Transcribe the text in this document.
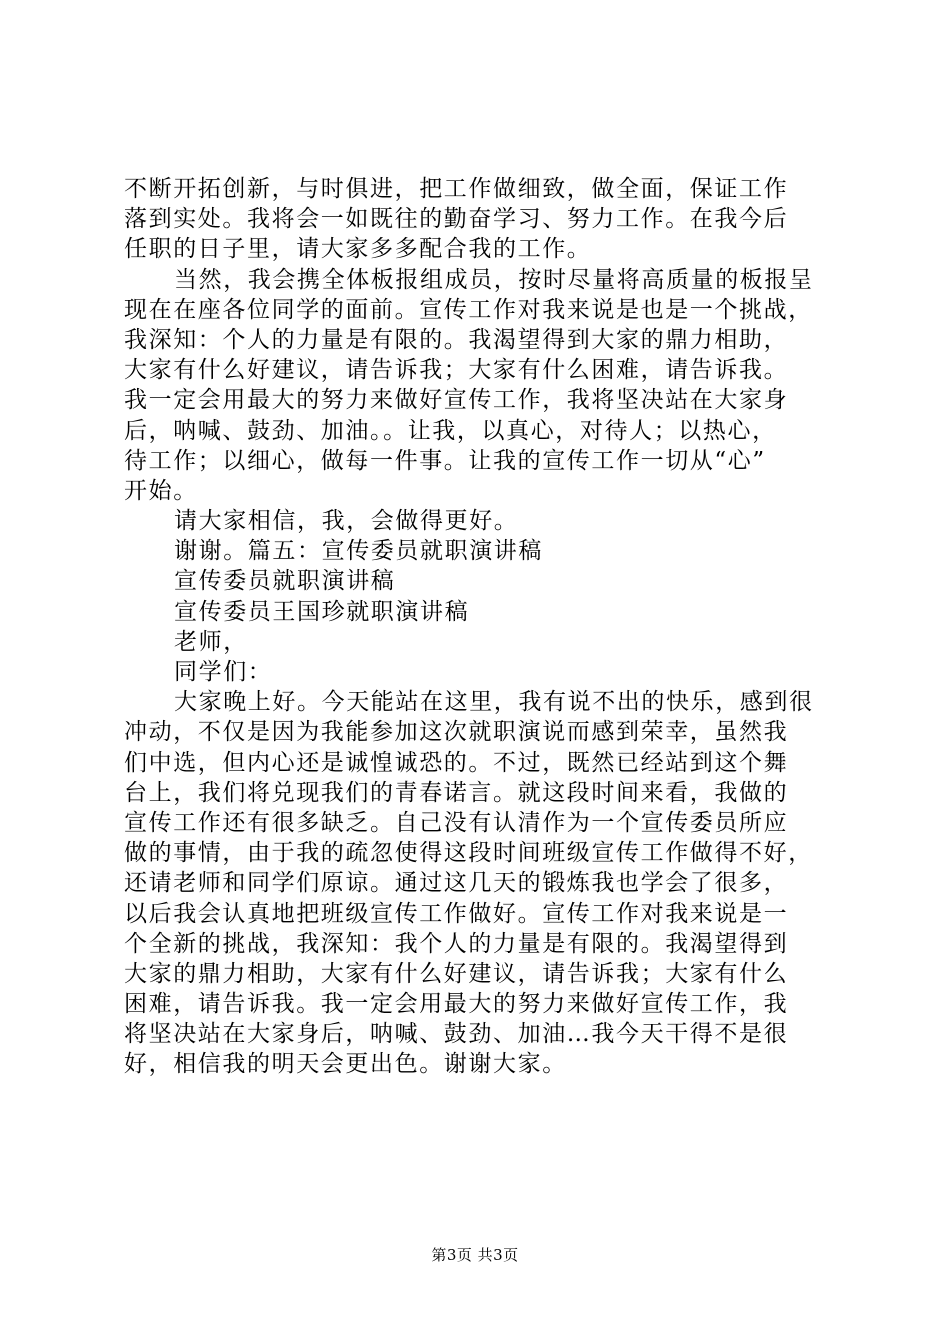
不断开拓创新，与时俱进，把工作做细致，做全面，保证工作
落到实处。我将会一如既往的勤奋学习、努力工作。在我今后
任职的日子里，请大家多多配合我的工作。
当然，我会携全体板报组成员，按时尽量将高质量的板报呈
现在在座各位同学的面前。宣传工作对我来说是也是一个挑战，
我深知：个人的力量是有限的。我渴望得到大家的鼎力相助，
大家有什么好建议，请告诉我；大家有什么困难，请告诉我。
我一定会用最大的努力来做好宣传工作，我将坚决站在大家身
后，呐喊、鼓劲、加油。。让我，以真心，对待人；以热心，
待工作；以细心，做每一件事。让我的宣传工作一切从“心”
开始。
请大家相信，我，会做得更好。
谢谢。篇五：宣传委员就职演讲稿
宣传委员就职演讲稿
宣传委员王国珍就职演讲稿
老师，
同学们：
大家晚上好。今天能站在这里，我有说不出的快乐，感到很
冲动，不仅是因为我能参加这次就职演说而感到荣幸，虽然我
们中选，但内心还是诚惶诚恐的。不过，既然已经站到这个舞
台上，我们将兑现我们的青春诺言。就这段时间来看，我做的
宣传工作还有很多缺乏。自己没有认清作为一个宣传委员所应
做的事情，由于我的疏忽使得这段时间班级宣传工作做得不好，
还请老师和同学们原谅。通过这几天的锻炼我也学会了很多，
以后我会认真地把班级宣传工作做好。宣传工作对我来说是一
个全新的挑战，我深知：我个人的力量是有限的。我渴望得到
大家的鼎力相助，大家有什么好建议，请告诉我；大家有什么
困难，请告诉我。我一定会用最大的努力来做好宣传工作，我
将坚决站在大家身后，呐喊、鼓劲、加油…我今天干得不是很
好，相信我的明天会更出色。谢谢大家。
第3页 共3页
